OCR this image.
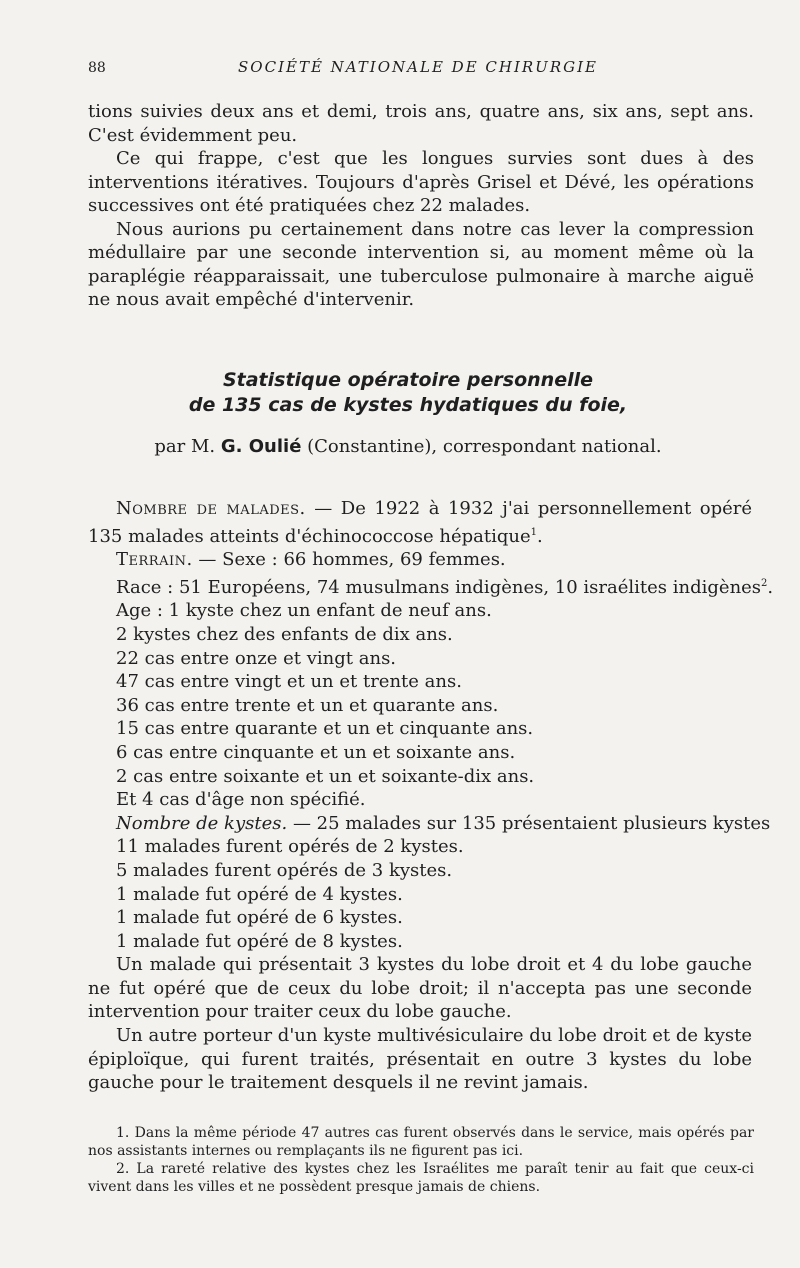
88	SOCIÉTÉ NATIONALE DE CHIRURGIE

tions suivies deux ans et demi, trois ans, quatre ans, six ans, sept ans. C'est évidemment peu.

Ce qui frappe, c'est que les longues survies sont dues à des interventions itératives. Toujours d'après Grisel et Dévé, les opérations successives ont été pratiquées chez 22 malades.

Nous aurions pu certainement dans notre cas lever la compression médullaire par une seconde intervention si, au moment même où la paraplégie réapparaissait, une tuberculose pulmonaire à marche aiguë ne nous avait empêché d'intervenir.

Statistique opératoire personnelle
de 135 cas de kystes hydatiques du foie,
par M. G. Oulié (Constantine), correspondant national.
Nombre de malades. — De 1922 à 1932 j'ai personnellement opéré 135 malades atteints d'échinococcose hépatique$^1$.
Terrain. — Sexe : 66 hommes, 69 femmes.
Race : 51 Européens, 74 musulmans indigènes, 10 israélites indigènes$^2$.
Age : 1 kyste chez un enfant de neuf ans.
2 kystes chez des enfants de dix ans.
22 cas entre onze et vingt ans.
47 cas entre vingt et un et trente ans.
36 cas entre trente et un et quarante ans.
15 cas entre quarante et un et cinquante ans.
6 cas entre cinquante et un et soixante ans.
2 cas entre soixante et un et soixante-dix ans.
Et 4 cas d'âge non spécifié.
Nombre de kystes. — 25 malades sur 135 présentaient plusieurs kystes
11 malades furent opérés de 2 kystes.
5 malades furent opérés de 3 kystes.
1 malade fut opéré de 4 kystes.
1 malade fut opéré de 6 kystes.
1 malade fut opéré de 8 kystes.
Un malade qui présentait 3 kystes du lobe droit et 4 du lobe gauche ne fut opéré que de ceux du lobe droit; il n'accepta pas une seconde intervention pour traiter ceux du lobe gauche.
Un autre porteur d'un kyste multivésiculaire du lobe droit et de kyste épiploïque, qui furent traités, présentait en outre 3 kystes du lobe gauche pour le traitement desquels il ne revint jamais.

1. Dans la même période 47 autres cas furent observés dans le service, mais opérés par nos assistants internes ou remplaçants ils ne figurent pas ici.

2. La rareté relative des kystes chez les Israélites me paraît tenir au fait que ceux-ci vivent dans les villes et ne possèdent presque jamais de chiens.
